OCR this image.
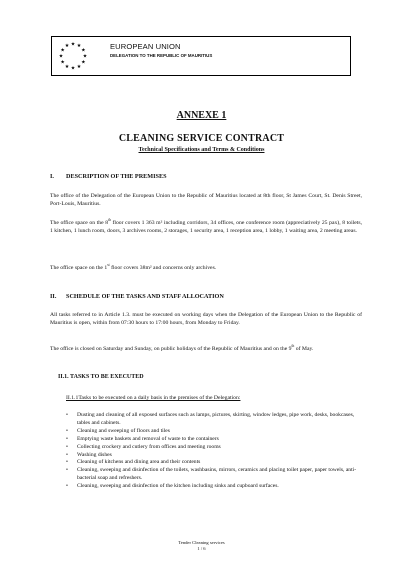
★ ★
★
★
★
★
★
★
★
★
★
★	EUROPEAN UNION
DELEGATION TO THE REPUBLIC OF MAURITIUS
ANNEXE 1
CLEANING SERVICE CONTRACT
Technical Specifications and Terms & Conditions
I. DESCRIPTION OF THE PREMISES
The office of the Delegation of the European Union to the Republic of Mauritius located at 8th floor, St James Court, St. Denis Street, Port-Louis, Mauritius.
The office space on the 8th floor covers 1 363 m² including corridors, 34 offices, one conference room (appreciatively 25 pax), 8 toilets, 1 kitchen, 1 lunch room, doors, 3 archives rooms, 2 storages, 1 security area, 1 reception area, 1 lobby, 1 waiting area, 2 meeting areas.
The office space on the 1st floor covers 38m² and concerns only archives.
II. SCHEDULE OF THE TASKS AND STAFF ALLOCATION
All tasks referred to in Article 1.3. must be executed on working days when the Delegation of the European Union to the Republic of Mauritius is open, within from 07:30 hours to 17:00 hours, from Monday to Friday.
The office is closed on Saturday and Sunday, on public holidays of the Republic of Mauritius and on the 9th of May.
II.1. TASKS TO BE EXECUTED
II.1.1Tasks to be executed on a daily basis in the premises of the Delegation:
• Dusting and cleaning of all exposed surfaces such as lamps, pictures, skirting, window ledges, pipe work, desks, bookcases, tables and cabinets.
• Cleaning and sweeping of floors and tiles
• Emptying waste baskets and removal of waste to the containers
• Collecting crockery and cutlery from offices and meeting rooms
• Washing dishes
• Cleaning of kitchens and dining area and their contents
• Cleaning, sweeping and disinfection of the toilets, washbasins, mirrors, ceramics and placing toilet paper, paper towels, anti-bacterial soap and refreshers.
• Cleaning, sweeping and disinfection of the kitchen including sinks and cupboard surfaces.
Tender Cleaning services
1 / 6
